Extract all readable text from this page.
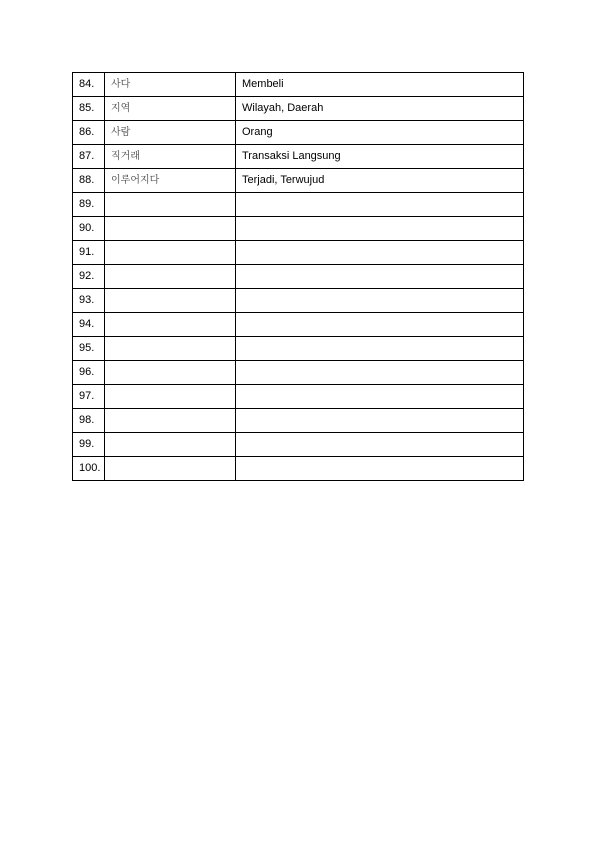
84.	사다	Membeli
85.	지역	Wilayah, Daerah
86.	사람	Orang
87.	직거래	Transaksi Langsung
88.	이루어지다	Terjadi, Terwujud
89.		
90.		
91.		
92.		
93.		
94.		
95.		
96.		
97.		
98.		
99.		
100.		
